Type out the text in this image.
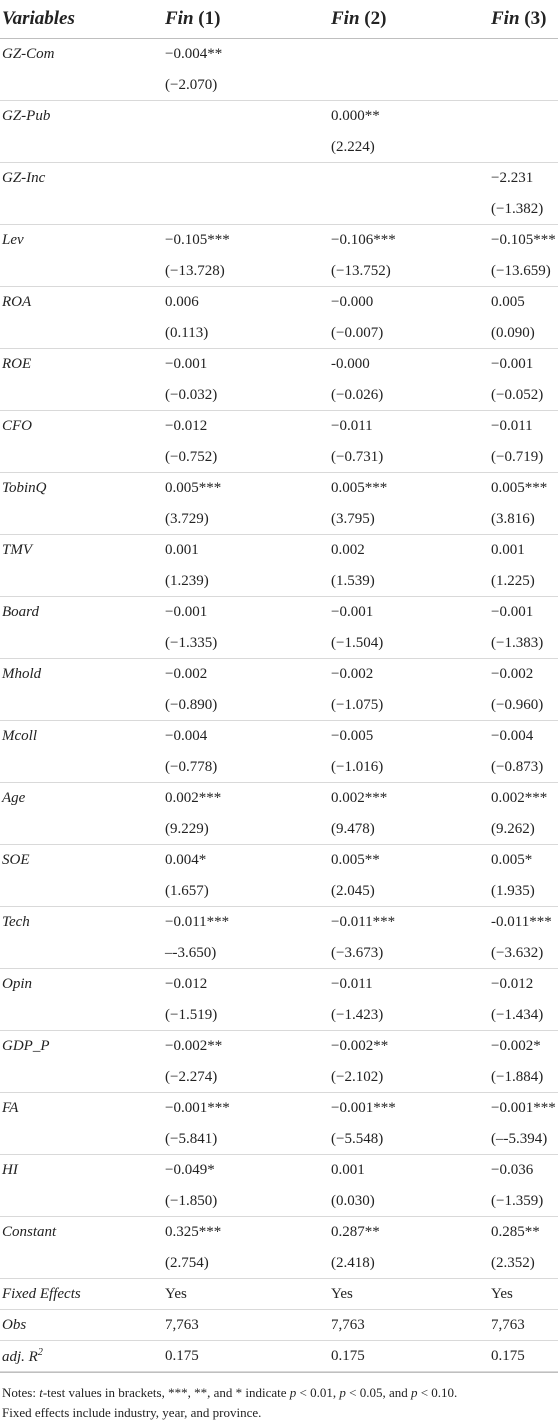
Variables	Fin (1)	Fin (2)	Fin (3)
GZ-Com	−0.004**		
	(−2.070)		
GZ-Pub		0.000**	
		(2.224)	
GZ-Inc			−2.231
			(−1.382)
Lev	−0.105***	−0.106***	−0.105***
	(−13.728)	(−13.752)	(−13.659)
ROA	0.006	−0.000	0.005
	(0.113)	(−0.007)	(0.090)
ROE	−0.001	-0.000	−0.001
	(−0.032)	(−0.026)	(−0.052)
CFO	−0.012	−0.011	−0.011
	(−0.752)	(−0.731)	(−0.719)
TobinQ	0.005***	0.005***	0.005***
	(3.729)	(3.795)	(3.816)
TMV	0.001	0.002	0.001
	(1.239)	(1.539)	(1.225)
Board	−0.001	−0.001	−0.001
	(−1.335)	(−1.504)	(−1.383)
Mhold	−0.002	−0.002	−0.002
	(−0.890)	(−1.075)	(−0.960)
Mcoll	−0.004	−0.005	−0.004
	(−0.778)	(−1.016)	(−0.873)
Age	0.002***	0.002***	0.002***
	(9.229)	(9.478)	(9.262)
SOE	0.004*	0.005**	0.005*
	(1.657)	(2.045)	(1.935)
Tech	−0.011***	−0.011***	-0.011***
	–-3.650)	(−3.673)	(−3.632)
Opin	−0.012	−0.011	−0.012
	(−1.519)	(−1.423)	(−1.434)
GDP_P	−0.002**	−0.002**	−0.002*
	(−2.274)	(−2.102)	(−1.884)
FA	−0.001***	−0.001***	−0.001***
	(−5.841)	(−5.548)	(–-5.394)
HI	−0.049*	0.001	−0.036
	(−1.850)	(0.030)	(−1.359)
Constant	0.325***	0.287**	0.285**
	(2.754)	(2.418)	(2.352)
Fixed Effects	Yes	Yes	Yes
Obs	7,763	7,763	7,763
adj. $R^2$	0.175	0.175	0.175
Notes: t-test values in brackets, ***, **, and * indicate p < 0.01, p < 0.05, and p < 0.10.
Fixed effects include industry, year, and province.
